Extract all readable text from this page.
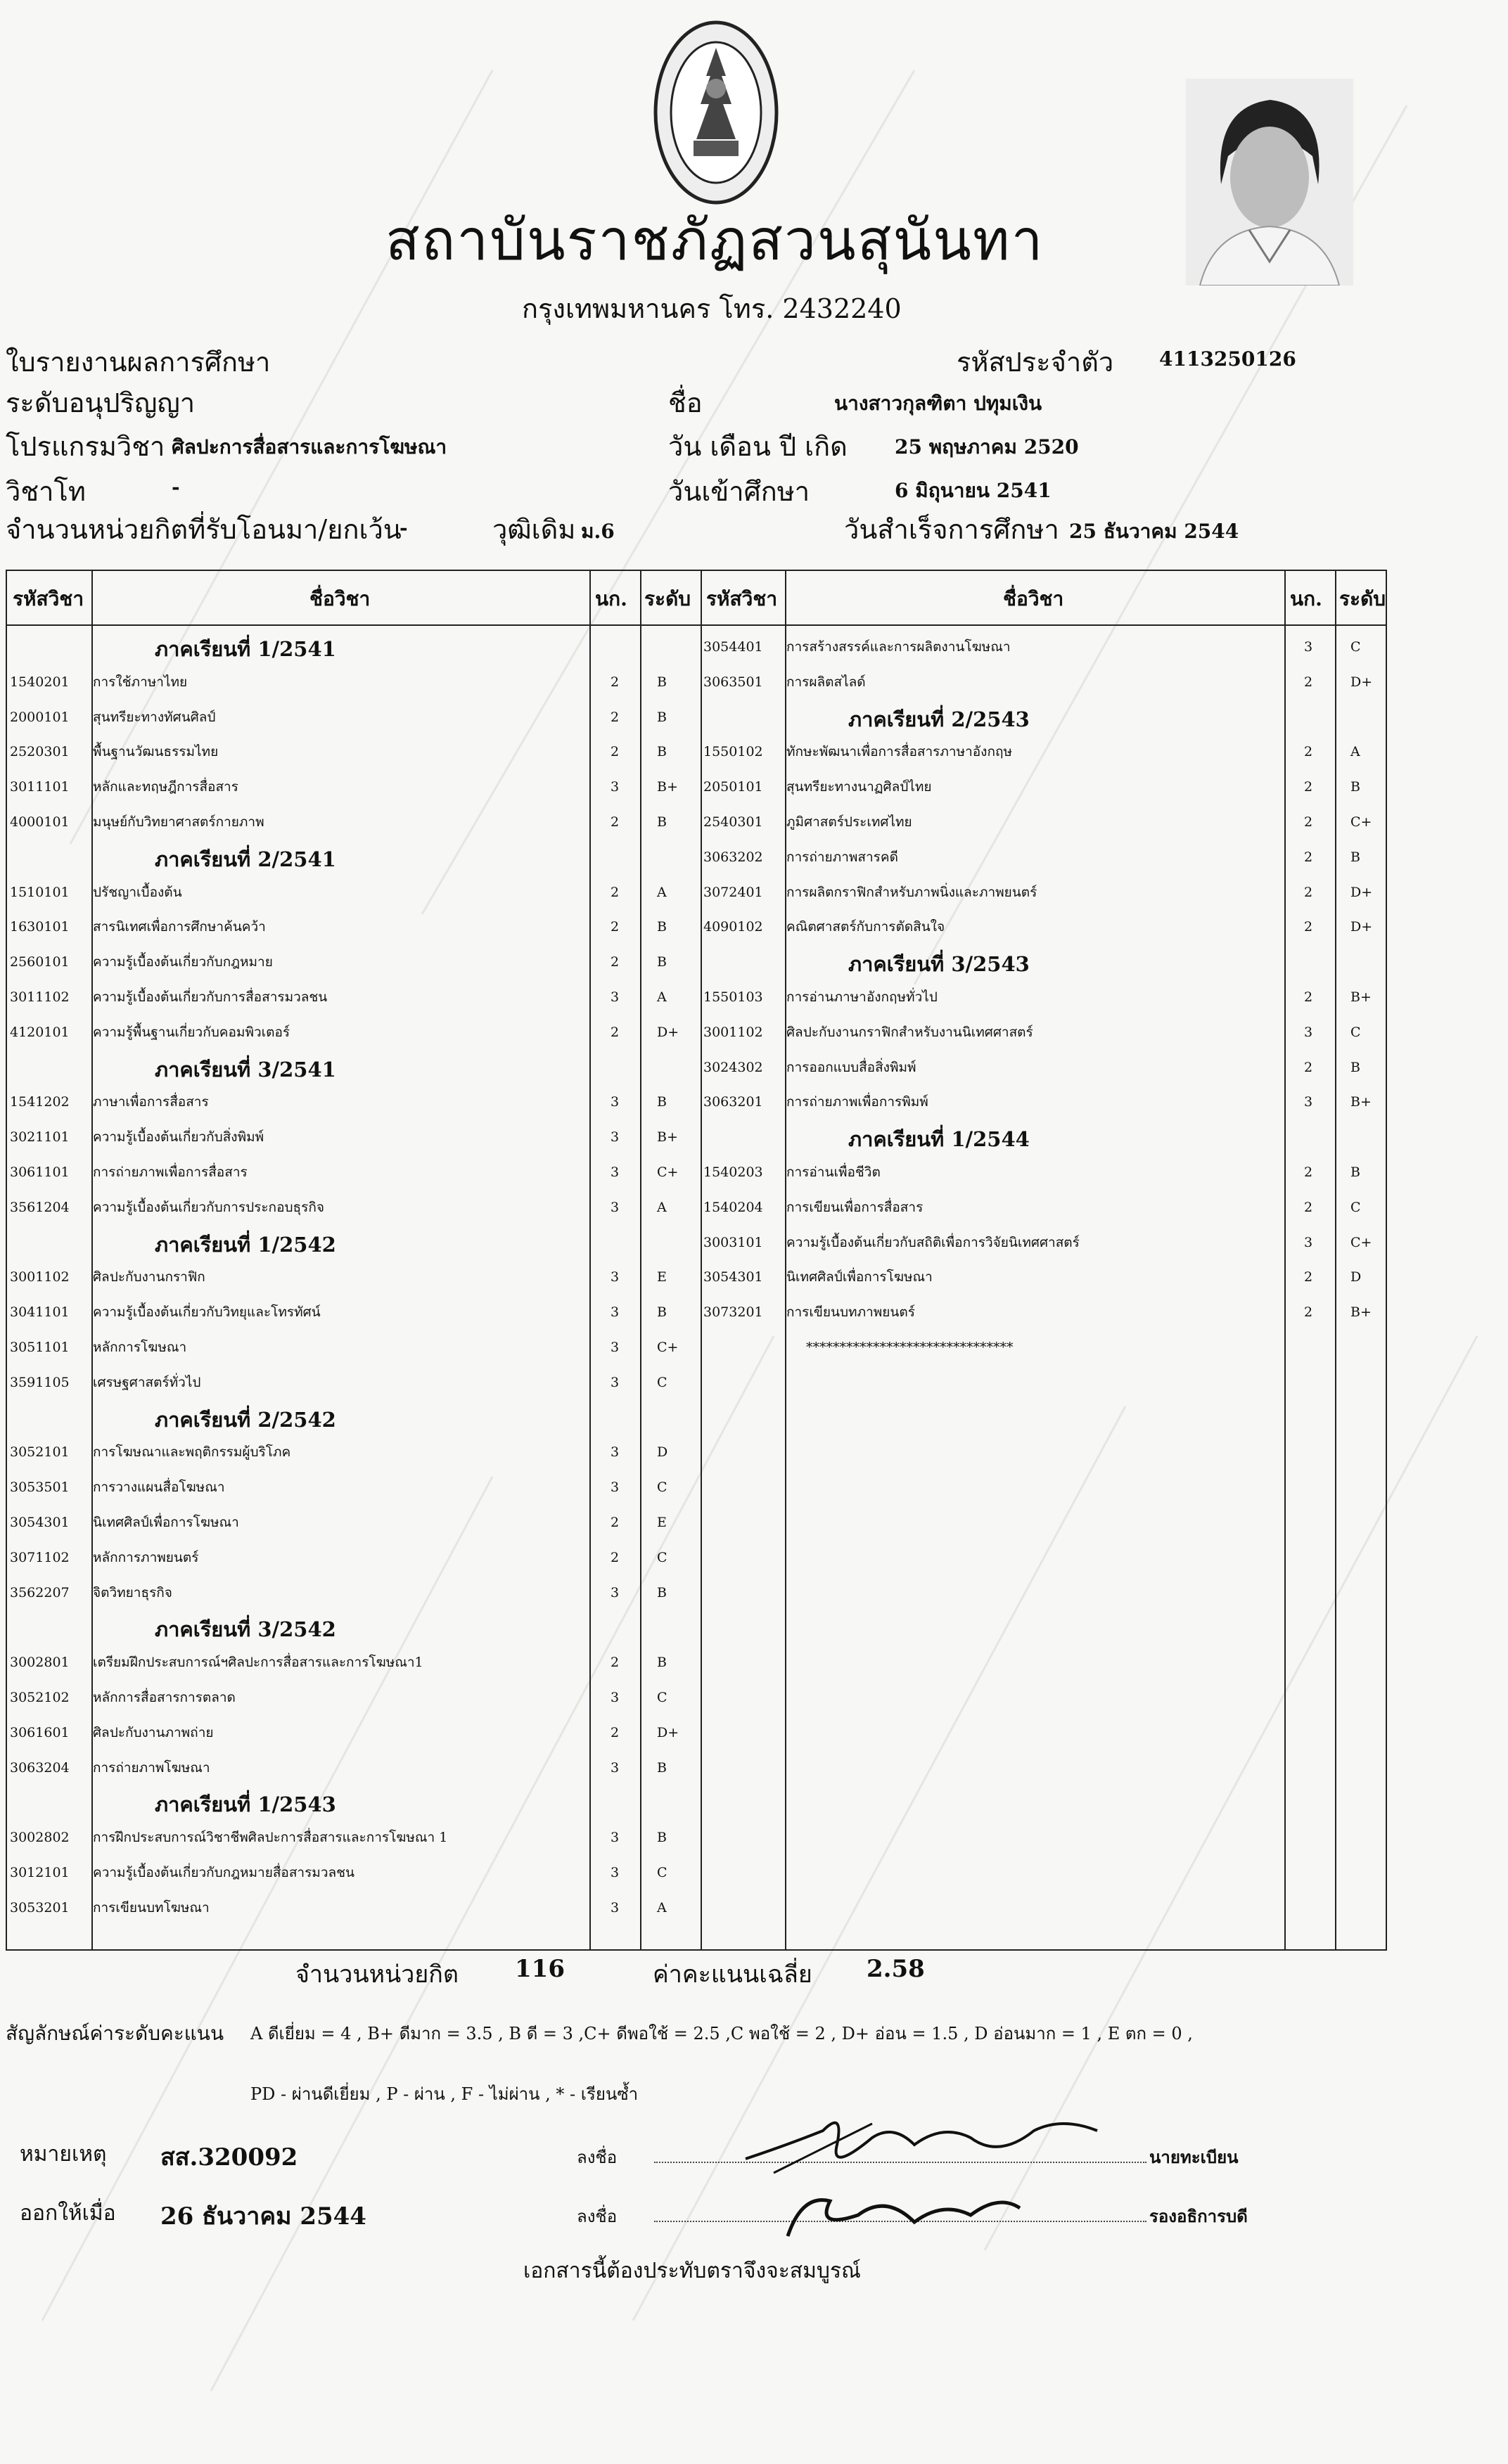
สถาบันราชภัฏสวนสุนันทา
กรุงเทพมหานคร โทร. 2432240
ใบรายงานผลการศึกษา
ระดับอนุปริญญา
โปรแกรมวิชา ศิลปะการสื่อสารและการโฆษณา
วิชาโท	-
จำนวนหน่วยกิตที่รับโอนมา/ยกเว้น
-	วุฒิเดิม ม.6
รหัสประจำตัว 4113250126
ชื่อ	นางสาวกุลฑิตา ปทุมเงิน
วัน เดือน ปี เกิด 25 พฤษภาคม 2520
วันเข้าศึกษา	6 มิถุนายน 2541
วันสำเร็จการศึกษา 25 ธันวาคม 2544
รหัสวิชา	ชื่อวิชา	นก. ระดับ รหัสวิชา	ชื่อวิชา	นก. ระดับ
ภาคเรียนที่ 1/2541
1540201 การใช้ภาษาไทย	2	B
2000101 สุนทรียะทางทัศนศิลป์	2	B
2520301 พื้นฐานวัฒนธรรมไทย	2	B
3011101 หลักและทฤษฎีการสื่อสาร	3	B+
4000101 มนุษย์กับวิทยาศาสตร์กายภาพ	2	B
ภาคเรียนที่ 2/2541
1510101 ปรัชญาเบื้องต้น	2	A
1630101 สารนิเทศเพื่อการศึกษาค้นคว้า	2	B
2560101 ความรู้เบื้องต้นเกี่ยวกับกฎหมาย	2	B
3011102 ความรู้เบื้องต้นเกี่ยวกับการสื่อสารมวลชน	3	A
4120101 ความรู้พื้นฐานเกี่ยวกับคอมพิวเตอร์	2	D+
ภาคเรียนที่ 3/2541
1541202 ภาษาเพื่อการสื่อสาร	3	B
3021101 ความรู้เบื้องต้นเกี่ยวกับสิ่งพิมพ์	3	B+
3061101 การถ่ายภาพเพื่อการสื่อสาร	3	C+
3561204 ความรู้เบื้องต้นเกี่ยวกับการประกอบธุรกิจ	3	A
ภาคเรียนที่ 1/2542
3001102 ศิลปะกับงานกราฟิก	3	E
3041101 ความรู้เบื้องต้นเกี่ยวกับวิทยุและโทรทัศน์	3	B
3051101 หลักการโฆษณา	3	C+
3591105 เศรษฐศาสตร์ทั่วไป	3	C
ภาคเรียนที่ 2/2542
3052101 การโฆษณาและพฤติกรรมผู้บริโภค	3	D
3053501 การวางแผนสื่อโฆษณา	3	C
3054301 นิเทศศิลป์เพื่อการโฆษณา	2	E
3071102 หลักการภาพยนตร์	2	C
3562207 จิตวิทยาธุรกิจ	3	B
ภาคเรียนที่ 3/2542
3002801 เตรียมฝึกประสบการณ์ฯศิลปะการสื่อสารและการโฆษณา1	2	B
3052102 หลักการสื่อสารการตลาด	3	C
3061601 ศิลปะกับงานภาพถ่าย	2	D+
3063204 การถ่ายภาพโฆษณา	3	B
ภาคเรียนที่ 1/2543
3002802 การฝึกประสบการณ์วิชาชีพศิลปะการสื่อสารและการโฆษณา 1	3	B
3012101 ความรู้เบื้องต้นเกี่ยวกับกฎหมายสื่อสารมวลชน	3	C
3053201 การเขียนบทโฆษณา	3	A
3054401 การสร้างสรรค์และการผลิตงานโฆษณา	3	C
3063501 การผลิตสไลด์	2	D+
ภาคเรียนที่ 2/2543
1550102 ทักษะพัฒนาเพื่อการสื่อสารภาษาอังกฤษ	2	A
2050101 สุนทรียะทางนาฏศิลป์ไทย	2	B
2540301 ภูมิศาสตร์ประเทศไทย	2	C+
3063202 การถ่ายภาพสารคดี	2	B
3072401 การผลิตกราฟิกสำหรับภาพนิ่งและภาพยนตร์	2	D+
4090102 คณิตศาสตร์กับการตัดสินใจ	2	D+
ภาคเรียนที่ 3/2543
1550103 การอ่านภาษาอังกฤษทั่วไป	2	B+
3001102 ศิลปะกับงานกราฟิกสำหรับงานนิเทศศาสตร์	3	C
3024302 การออกแบบสื่อสิ่งพิมพ์	2	B
3063201 การถ่ายภาพเพื่อการพิมพ์	3	B+
ภาคเรียนที่ 1/2544
1540203 การอ่านเพื่อชีวิต	2	B
1540204 การเขียนเพื่อการสื่อสาร	2	C
3003101 ความรู้เบื้องต้นเกี่ยวกับสถิติเพื่อการวิจัยนิเทศศาสตร์	3	C+
3054301 นิเทศศิลป์เพื่อการโฆษณา	2	D
3073201 การเขียนบทภาพยนตร์	2	B+
*******************************
จำนวนหน่วยกิต 116	ค่าคะแนนเฉลี่ย 2.58
สัญลักษณ์ค่าระดับคะแนน A ดีเยี่ยม = 4 , B+ ดีมาก = 3.5 , B ดี = 3 ,C+ ดีพอใช้ = 2.5 ,C พอใช้ = 2 , D+ อ่อน = 1.5 , D อ่อนมาก = 1 , E ตก = 0 ,
PD - ผ่านดีเยี่ยม , P - ผ่าน , F - ไม่ผ่าน , * - เรียนซ้ำ
หมายเหตุ สส.320092	ลงชื่อ	นายทะเบียน
ออกให้เมื่อ 26 ธันวาคม 2544	ลงชื่อ	รองอธิการบดี
เอกสารนี้ต้องประทับตราจึงจะสมบูรณ์
